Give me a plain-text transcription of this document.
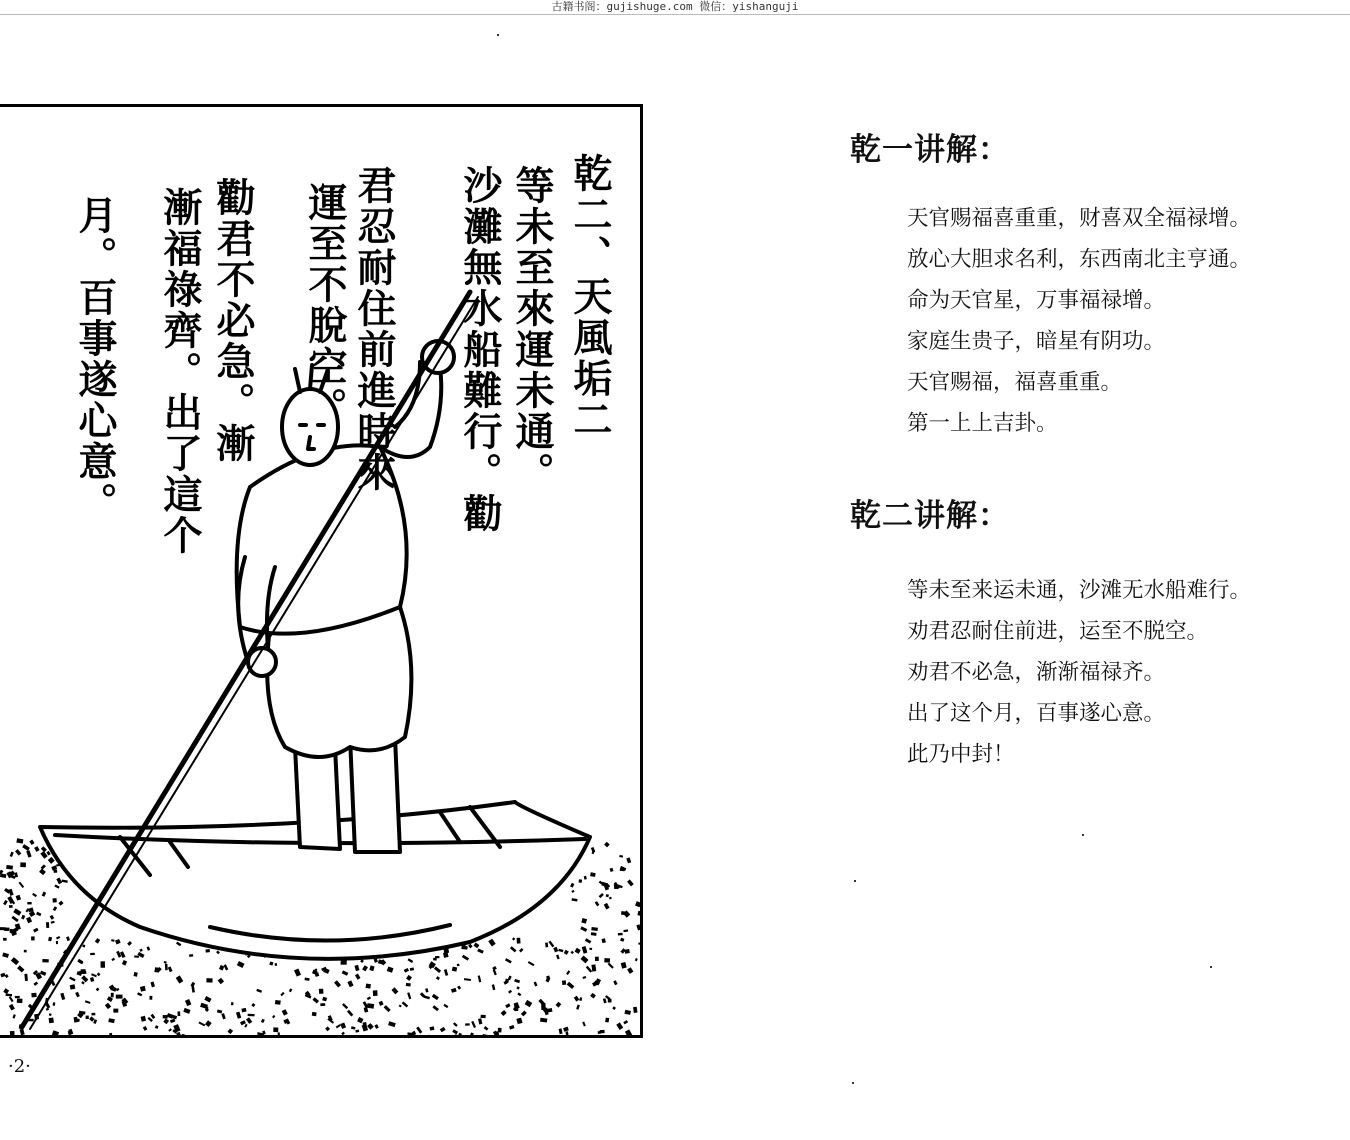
古籍书阁：gujishuge.com 微信：yishanguji
乾二、天風垢二
等未至來運未通。
沙灘無水船難行。勸
君忍耐住前進時來
運至不脫空。
勸君不必急。漸
漸福祿齊。出了這个
月。百事遂心意。
·2·
乾一讲解：
天官赐福喜重重，财喜双全福禄增。
放心大胆求名利，东西南北主亨通。
命为天官星，万事福禄增。
家庭生贵子，暗星有阴功。
天官赐福，福喜重重。
第一上上吉卦。
乾二讲解：
等未至来运未通，沙滩无水船难行。
劝君忍耐住前进，运至不脱空。
劝君不必急，渐渐福禄齐。
出了这个月，百事遂心意。
此乃中封！
